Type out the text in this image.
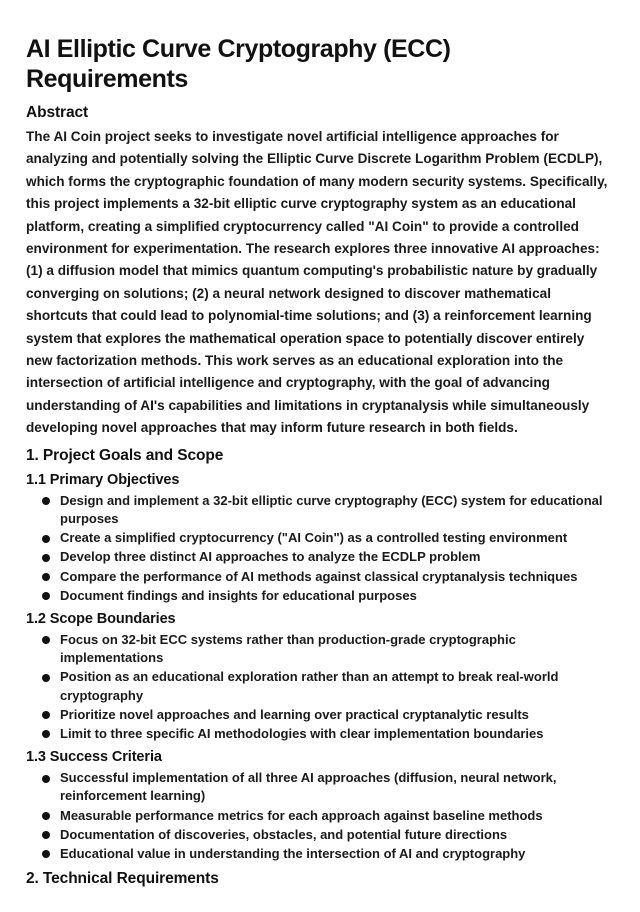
AI Elliptic Curve Cryptography (ECC) Requirements
Abstract

The AI Coin project seeks to investigate novel artificial intelligence approaches for analyzing and potentially solving the Elliptic Curve Discrete Logarithm Problem (ECDLP), which forms the cryptographic foundation of many modern security systems. Specifically, this project implements a 32-bit elliptic curve cryptography system as an educational platform, creating a simplified cryptocurrency called "AI Coin" to provide a controlled environment for experimentation. The research explores three innovative AI approaches: (1) a diffusion model that mimics quantum computing's probabilistic nature by gradually converging on solutions; (2) a neural network designed to discover mathematical shortcuts that could lead to polynomial-time solutions; and (3) a reinforcement learning system that explores the mathematical operation space to potentially discover entirely new factorization methods. This work serves as an educational exploration into the intersection of artificial intelligence and cryptography, with the goal of advancing understanding of AI's capabilities and limitations in cryptanalysis while simultaneously developing novel approaches that may inform future research in both fields.

1. Project Goals and Scope
1.1 Primary Objectives
Design and implement a 32-bit elliptic curve cryptography (ECC) system for educational purposes
Create a simplified cryptocurrency ("AI Coin") as a controlled testing environment
Develop three distinct AI approaches to analyze the ECDLP problem
Compare the performance of AI methods against classical cryptanalysis techniques
Document findings and insights for educational purposes
1.2 Scope Boundaries
Focus on 32-bit ECC systems rather than production-grade cryptographic implementations
Position as an educational exploration rather than an attempt to break real-world cryptography
Prioritize novel approaches and learning over practical cryptanalytic results
Limit to three specific AI methodologies with clear implementation boundaries
1.3 Success Criteria
Successful implementation of all three AI approaches (diffusion, neural network, reinforcement learning)
Measurable performance metrics for each approach against baseline methods
Documentation of discoveries, obstacles, and potential future directions
Educational value in understanding the intersection of AI and cryptography
2. Technical Requirements
